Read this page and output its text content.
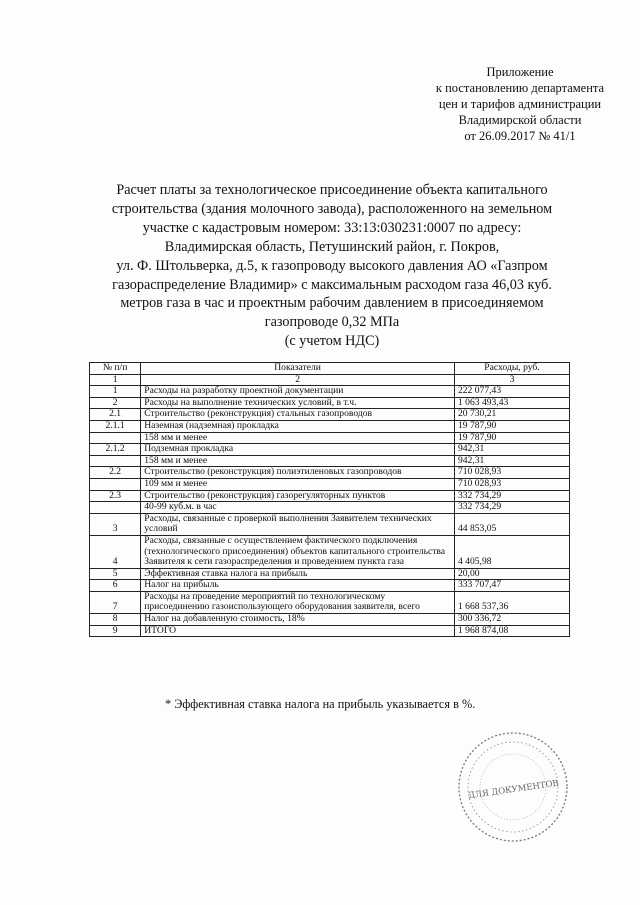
Приложение
к постановлению департамента
цен и тарифов администрации
Владимирской области
от 26.09.2017 № 41/1
Расчет платы за технологическое присоединение объекта капитального
строительства (здания молочного завода), расположенного на земельном
участке с кадастровым номером: 33:13:030231:0007 по адресу:
Владимирская область, Петушинский район, г. Покров,
ул. Ф. Штольверка, д.5, к газопроводу высокого давления АО «Газпром
газораспределение Владимир» с максимальным расходом газа 46,03 куб.
метров газа в час и проектным рабочим давлением в присоединяемом
газопроводе 0,32 МПа
(с учетом НДС)
№ п/п	Показатели	Расходы, руб.
1	2	3
1	Расходы на разработку проектной документации	222 077,43
2	Расходы на выполнение технических условий, в т.ч.	1 063 493,43
2.1	Строительство (реконструкция) стальных газопроводов	20 730,21
2.1.1	Наземная (надземная) прокладка	19 787,90
	158 мм и менее	19 787,90
2.1.2	Подземная прокладка	942,31
	158 мм и менее	942,31
2.2	Строительство (реконструкция) полиэтиленовых газопроводов	710 028,93
	109 мм и менее	710 028,93
2.3	Строительство (реконструкция) газорегуляторных пунктов	332 734,29
	40-99 куб.м. в час	332 734,29
3	Расходы, связанные с проверкой выполнения Заявителем технических условий	44 853,05
4	Расходы, связанные с осуществлением фактического подключения (технологического присоединения) объектов капитального строительства Заявителя к сети газораспределения и проведением пункта газа	4 405,98
5	Эффективная ставка налога на прибыль	20,00
6	Налог на прибыль	333 707,47
7	Расходы на проведение мероприятий по технологическому присоединению газоиспользующего оборудования заявителя, всего	1 668 537,36
8	Налог на добавленную стоимость, 18%	300 336,72
9	ИТОГО	1 968 874,08
* Эффективная ставка налога на прибыль указывается в %.
ДЛЯ ДОКУМЕНТОВ
